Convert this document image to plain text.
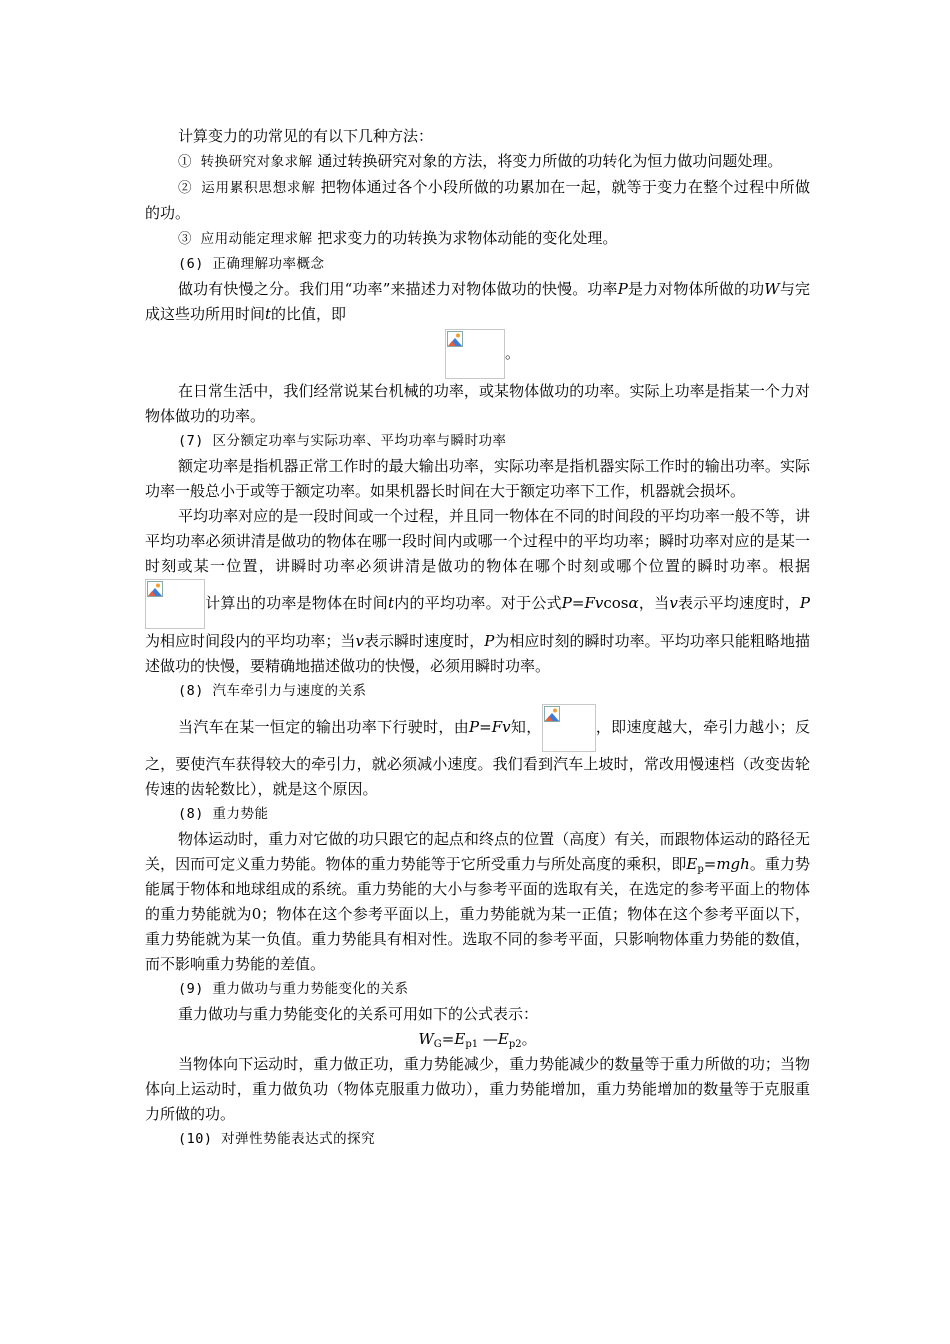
计算变力的功常见的有以下几种方法：

① 转换研究对象求解 通过转换研究对象的方法，将变力所做的功转化为恒力做功问题处理。

② 运用累积思想求解 把物体通过各个小段所做的功累加在一起，就等于变力在整个过程中所做的功。

③ 应用动能定理求解 把求变力的功转换为求物体动能的变化处理。

(6) 正确理解功率概念

做功有快慢之分。我们用“功率”来描述力对物体做功的快慢。功率P是力对物体所做的功W与完成这些功所用时间t的比值，即

。

在日常生活中，我们经常说某台机械的功率，或某物体做功的功率。实际上功率是指某一个力对物体做功的功率。

(7) 区分额定功率与实际功率、平均功率与瞬时功率

额定功率是指机器正常工作时的最大输出功率，实际功率是指机器实际工作时的输出功率。实际功率一般总小于或等于额定功率。如果机器长时间在大于额定功率下工作，机器就会损坏。

平均功率对应的是一段时间或一个过程，并且同一物体在不同的时间段的平均功率一般不等，讲平均功率必须讲清是做功的物体在哪一段时间内或哪一个过程中的平均功率；瞬时功率对应的是某一时刻或某一位置，讲瞬时功率必须讲清是做功的物体在哪个时刻或哪个位置的瞬时功率。根据
计算出的功率是物体在时间t内的平均功率。对于公式P=Fvcosα，当v表示平均速度时，P为相应时间段内的平均功率；当v表示瞬时速度时，P为相应时刻的瞬时功率。平均功率只能粗略地描述做功的快慢，要精确地描述做功的快慢，必须用瞬时功率。

(8) 汽车牵引力与速度的关系

当汽车在某一恒定的输出功率下行驶时，由P=Fv知，	，即速度越大，牵引力越小；反之，要使汽车获得较大的牵引力，就必须减小速度。我们看到汽车上坡时，常改用慢速档（改变齿轮传速的齿轮数比），就是这个原因。

(8) 重力势能

物体运动时，重力对它做的功只跟它的起点和终点的位置（高度）有关，而跟物体运动的路径无关，因而可定义重力势能。物体的重力势能等于它所受重力与所处高度的乘积，即$E_p=mgh$。重力势能属于物体和地球组成的系统。重力势能的大小与参考平面的选取有关，在选定的参考平面上的物体的重力势能就为0；物体在这个参考平面以上，重力势能就为某一正值；物体在这个参考平面以下，重力势能就为某一负值。重力势能具有相对性。选取不同的参考平面，只影响物体重力势能的数值，而不影响重力势能的差值。

(9) 重力做功与重力势能变化的关系

重力做功与重力势能变化的关系可用如下的公式表示：

$W_G=E_{p1}$ $—E_{p2}$。

当物体向下运动时，重力做正功，重力势能减少，重力势能减少的数量等于重力所做的功；当物体向上运动时，重力做负功（物体克服重力做功），重力势能增加，重力势能增加的数量等于克服重力所做的功。

(10) 对弹性势能表达式的探究
